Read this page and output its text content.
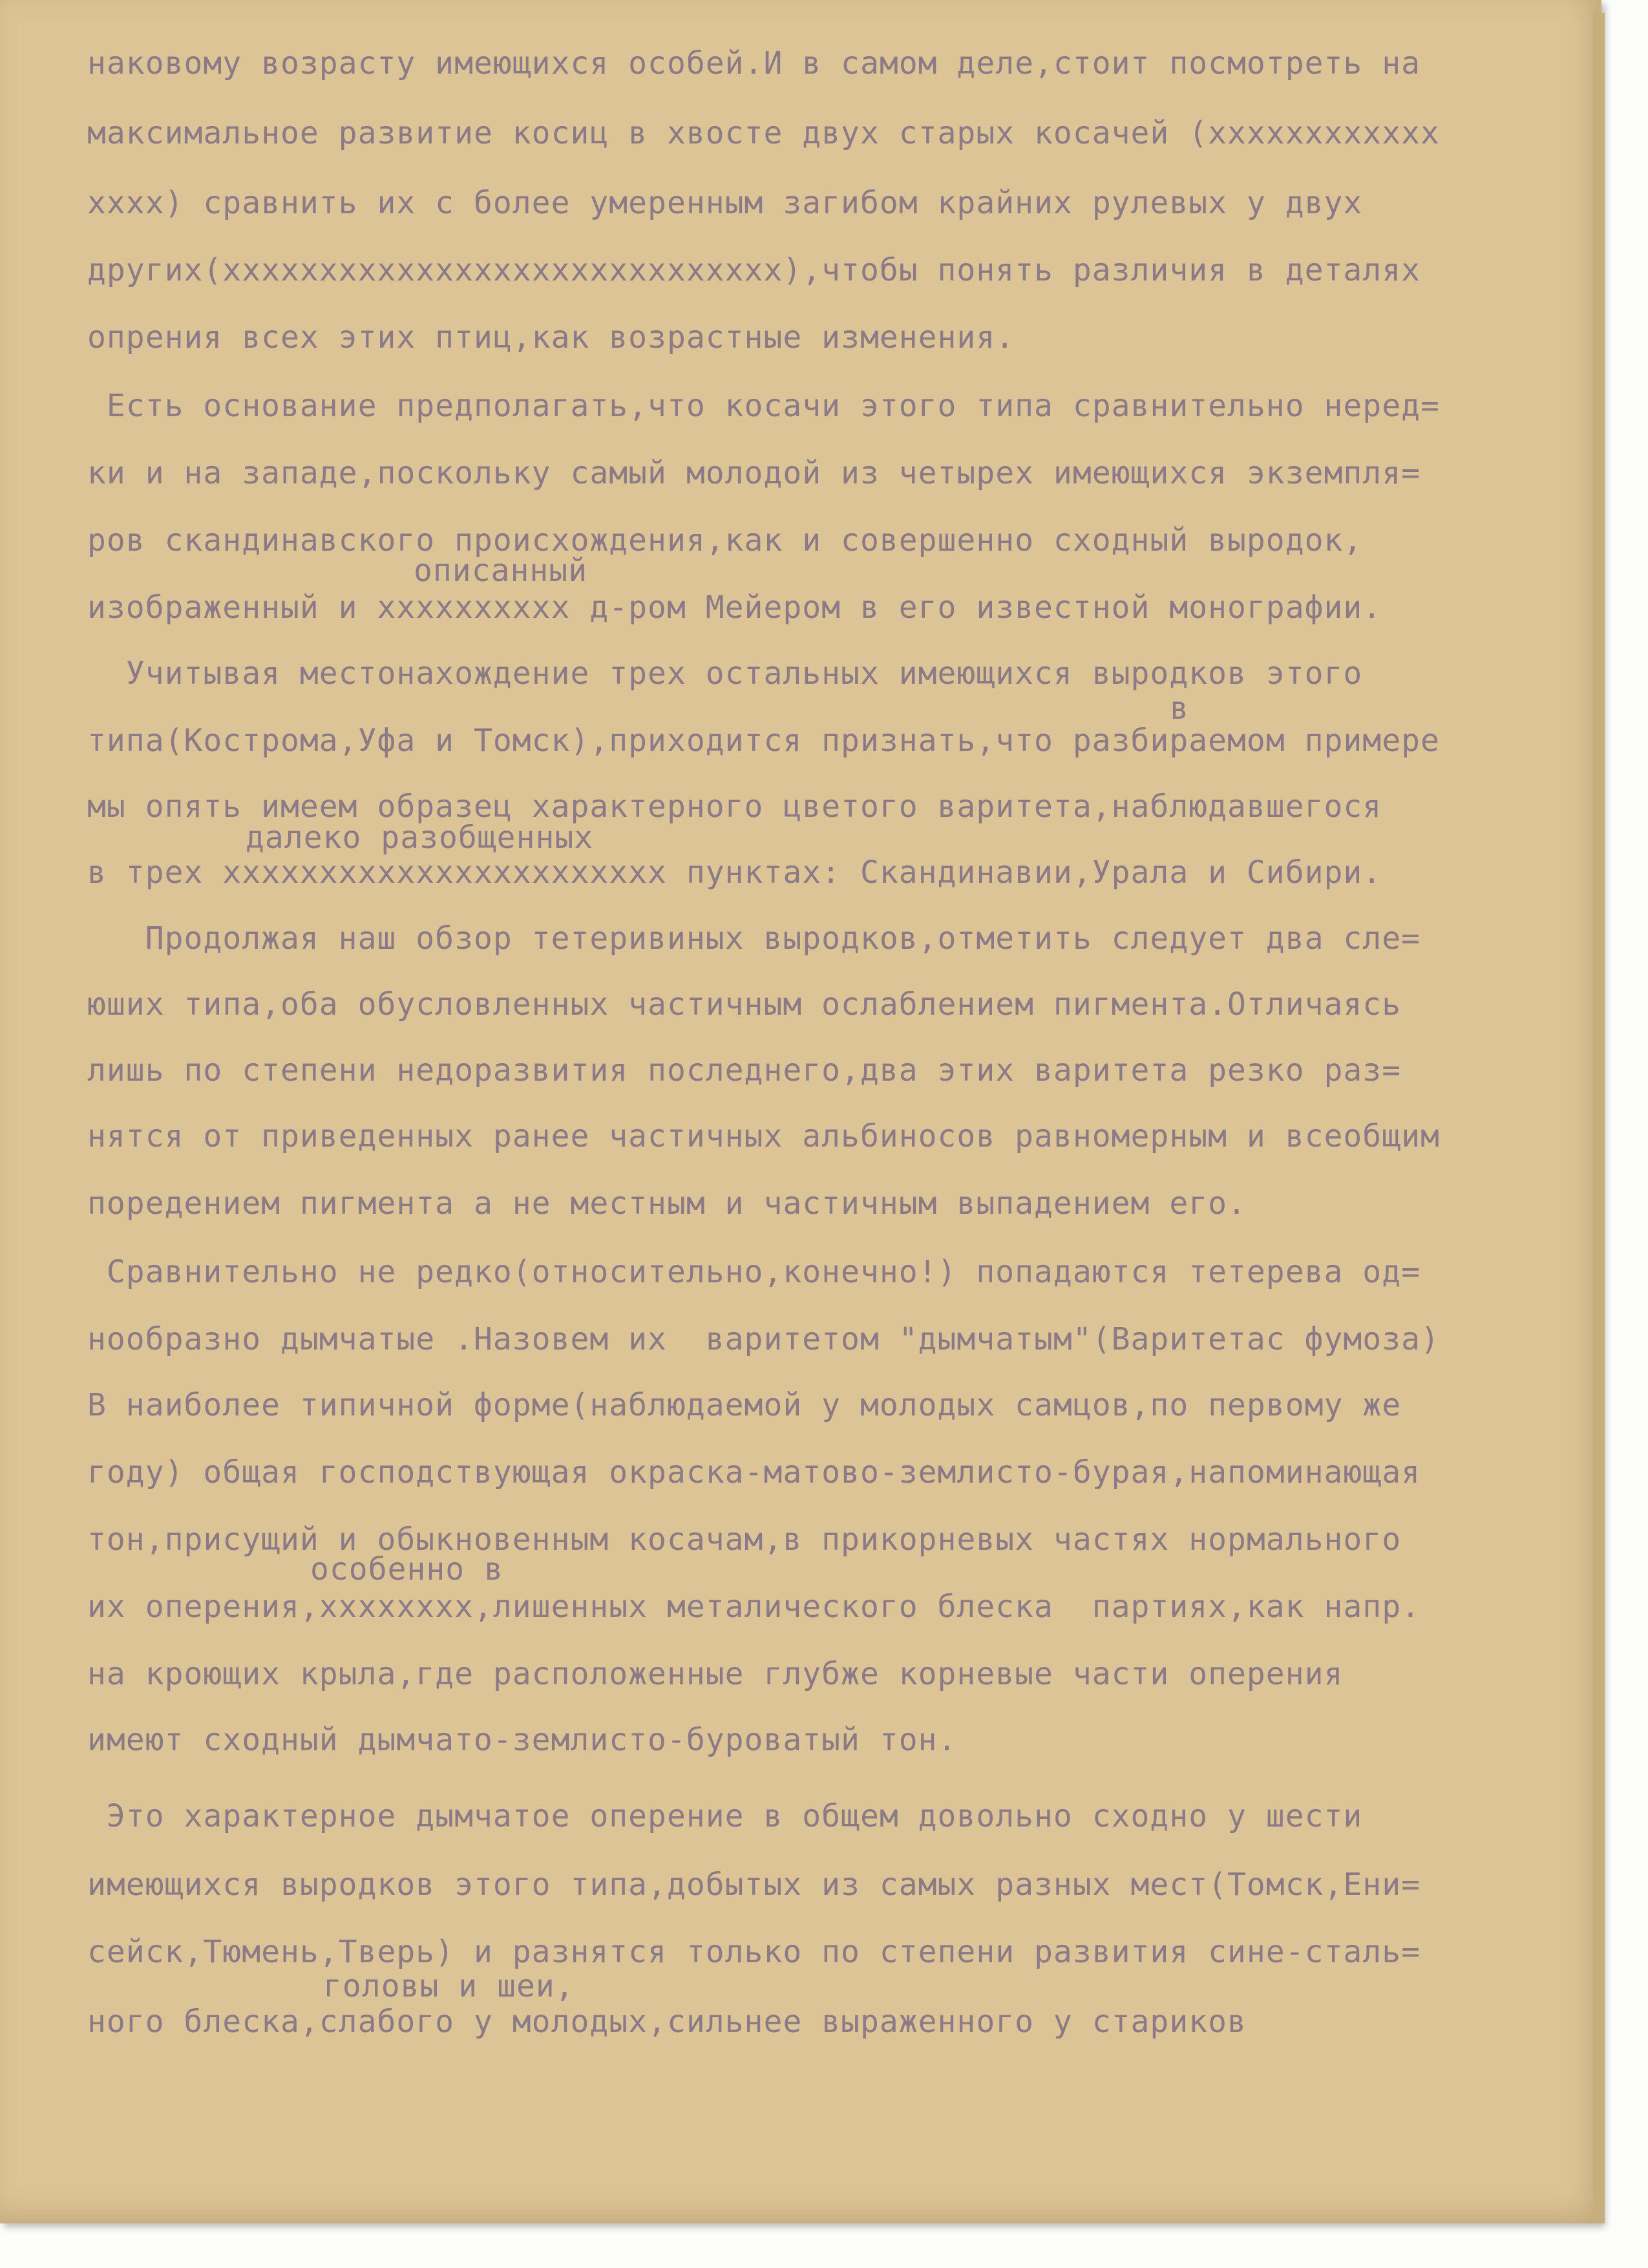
наковому возрасту имеющихся особей.И в самом деле,стоит посмотреть на
максимальное развитие косиц в хвосте двух старых косачей (xxxxxxxxxxxx
xxxx) сравнить их с более умеренным загибом крайних рулевых у двух
других(xxxxxxxxxxxxxxxxxxxxxxxxxxxxx),чтобы понять различия в деталях
опрения всех этих птиц,как возрастные изменения.
Есть основание предполагать,что косачи этого типа сравнительно неред=
ки и на западе,поскольку самый молодой из четырех имеющихся экземпля=
ров скандинавского происхождения,как и совершенно сходный выродок,
описанный
изображенный и xxxxxxxxxx д-ром Мейером в его известной монографии.
Учитывая местонахождение трех остальных имеющихся выродков этого
в
типа(Кострома,Уфа и Томск),приходится признать,что разбираемом примере
мы опять имеем образец характерного цветого варитета,наблюдавшегося
далеко разобщенных
в трех xxxxxxxxxxxxxxxxxxxxxxx пунктах: Скандинавии,Урала и Сибири.
Продолжая наш обзор тетеривиных выродков,отметить следует два сле=
юших типа,оба обусловленных частичным ослаблением пигмента.Отличаясь
лишь по степени недоразвития последнего,два этих варитета резко раз=
нятся от приведенных ранее частичных альбиносов равномерным и всеобщим
поредением пигмента а не местным и частичным выпадением его.
Сравнительно не редко(относительно,конечно!) попадаются тетерева од=
нообразно дымчатые .Назовем их  варитетом "дымчатым"(Варитетас фумоза)
В наиболее типичной форме(наблюдаемой у молодых самцов,по первому же
году) общая господствующая окраска-матово-землисто-бурая,напоминающая
тон,присущий и обыкновенным косачам,в прикорневых частях нормального
особенно в
их оперения,xxxxxxxx,лишенных металического блеска  партиях,как напр.
на кроющих крыла,где расположенные глубже корневые части оперения
имеют сходный дымчато-землисто-буроватый тон.
Это характерное дымчатое оперение в общем довольно сходно у шести
имеющихся выродков этого типа,добытых из самых разных мест(Томск,Ени=
сейск,Тюмень,Тверь) и разнятся только по степени развития сине-сталь=
головы и шеи,
ного блеска,слабого у молодых,сильнее выраженного у стариков
